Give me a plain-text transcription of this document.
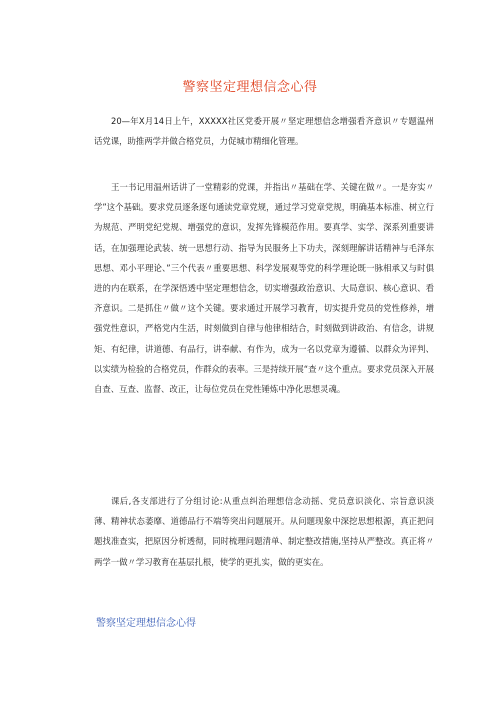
警察坚定理想信念心得

20—年X月14日上午，XXXXX社区党委开展〃坚定理想信念增强看齐意识〃专题温州话党课，助推两学并做合格党员，力促城市精细化管理。

王一书记用温州话讲了一堂精彩的党课，并指出〃基础在学、关键在做〃。一是夯实〃学”这个基础。要求党员逐条逐句通读党章党规，通过学习党章党规，明确基本标准、树立行为规范、严明党纪党规、增强党的意识，发挥先锋模范作用。要真学、实学、深系列重要讲话，在加强理论武装、统一思想行动、指导为民服务上下功夫，深刻理解讲话精神与毛泽东思想、邓小平理论、”三个代表〃重要思想、科学发展观等党的科学理论既一脉相承又与时俱进的内在联系，在学深悟透中坚定理想信念，切实增强政治意识、大局意识、核心意识、看齐意识。二是抓住〃做〃这个关键。要求通过开展学习教育，切实提升党员的党性修养，增强党性意识，严格党内生活，时刻做到自律与他律相结合，时刻做到讲政治、有信念，讲规矩、有纪律，讲道德、有品行，讲奉献、有作为，成为一名以党章为遵循、以群众为评判、以实绩为检验的合格党员，作群众的表率。三是持续开展“查〃这个重点。要求党员深入开展自查、互查、监督、改正，让每位党员在党性锤炼中净化思想灵魂。

课后,各支部进行了分组讨论:从重点纠治理想信念动摇、党员意识淡化、宗旨意识淡薄、精神状态萎靡、道德品行不端等突出问题展开。从问题现象中深挖思想根源，真正把问题找准查实，把原因分析透彻，同时梳理问题清单、制定整改措施,坚持从严整改。真正将〃两学一做〃学习教育在基层扎根，使学的更扎实，做的更实在。

警察坚定理想信念心得
